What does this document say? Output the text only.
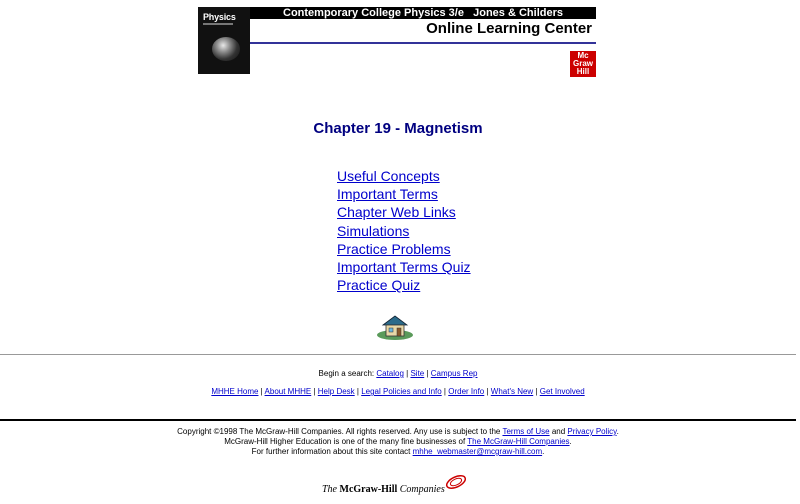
Physics	Contemporary College Physics 3/e   Jones & Childers
Online Learning Center
Mc
Graw
Hill
Chapter 19 - Magnetism
Useful Concepts
Important Terms
Chapter Web Links
Simulations
Practice Problems
Important Terms Quiz
Practice Quiz
Begin a search: Catalog | Site | Campus Rep
MHHE Home | About MHHE | Help Desk | Legal Policies and Info | Order Info | What's New | Get Involved
Copyright ©1998 The McGraw-Hill Companies. All rights reserved. Any use is subject to the Terms of Use and Privacy Policy.
McGraw-Hill Higher Education is one of the many fine businesses of The McGraw-Hill Companies.
For further information about this site contact mhhe_webmaster@mcgraw-hill.com.
The McGraw-Hill Companies
